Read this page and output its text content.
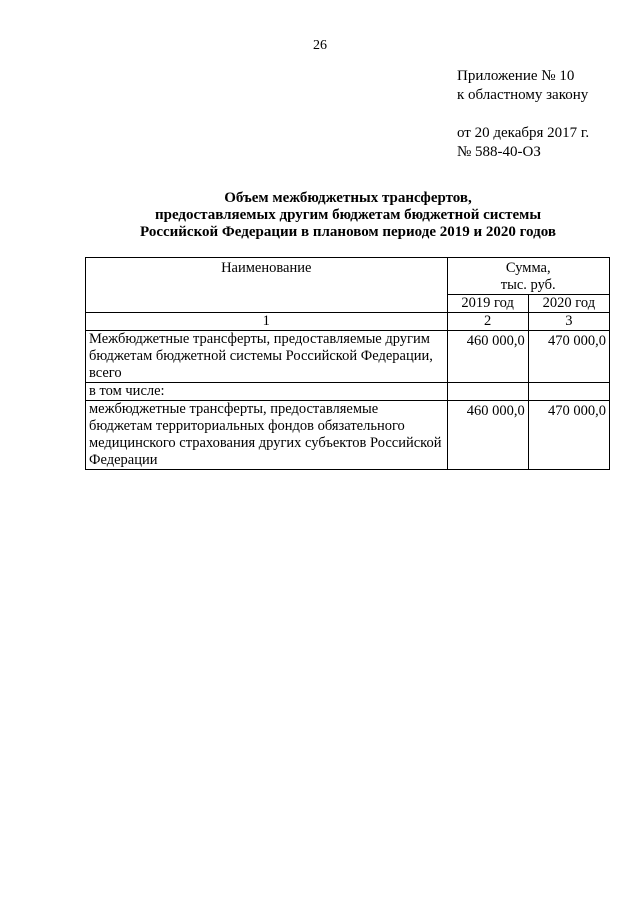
26
Приложение № 10
к областному закону
от 20 декабря 2017 г.
№ 588-40-ОЗ
Объем межбюджетных трансфертов,
предоставляемых другим бюджетам бюджетной системы
Российской Федерации в плановом периоде 2019 и 2020 годов
Наименование	Сумма,
тыс. руб.	

	2019 год	2020 год
1	2	3
Межбюджетные трансферты, предоставляемые другим бюджетам бюджетной системы Российской Федерации, всего	460 000,0	470 000,0
в том числе:		
межбюджетные трансферты, предоставляемые бюджетам территориальных фондов обязательного медицинского страхования других субъектов Российской Федерации	460 000,0	470 000,0
